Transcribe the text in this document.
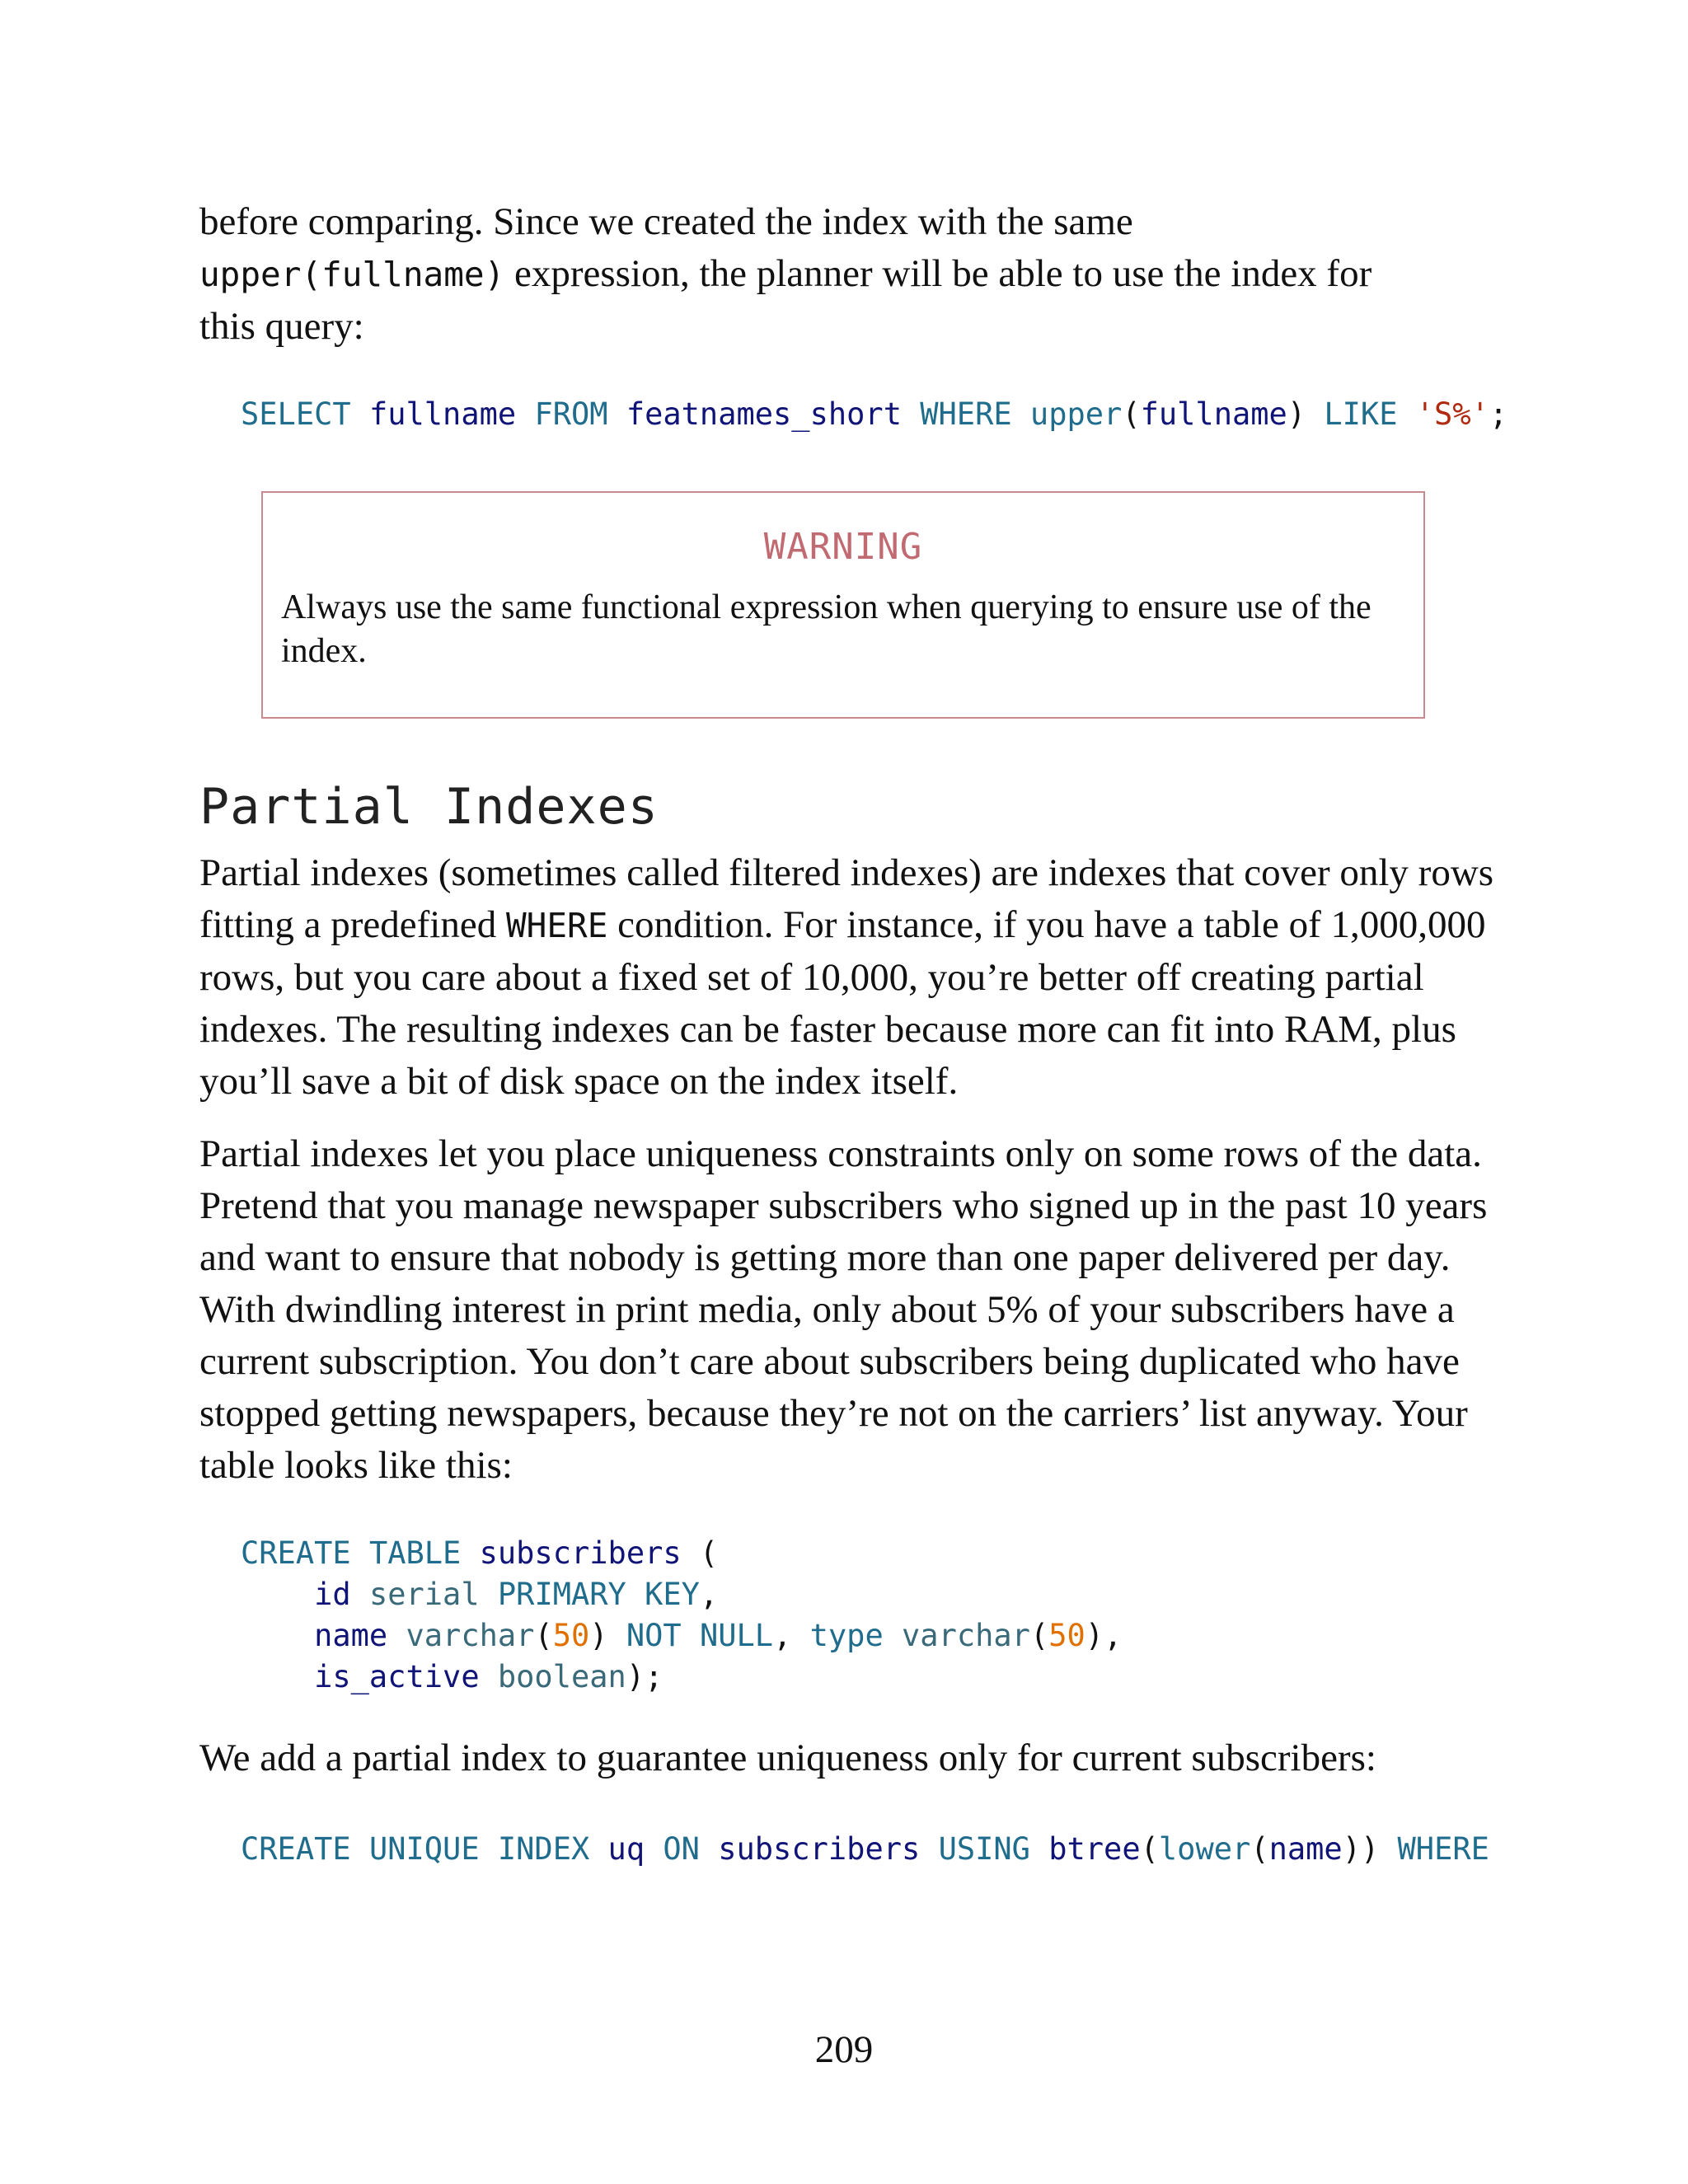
before comparing. Since we created the index with the same
upper(fullname) expression, the planner will be able to use the index for
this query:

SELECT fullname FROM featnames_short WHERE upper(fullname) LIKE 'S%';
WARNING

Always use the same functional expression when querying to ensure use of the index.

Partial Indexes

Partial indexes (sometimes called filtered indexes) are indexes that cover only rows fitting a predefined WHERE condition. For instance, if you have a table of 1,000,000 rows, but you care about a fixed set of 10,000, you’re better off creating partial indexes. The resulting indexes can be faster because more can fit into RAM, plus you’ll save a bit of disk space on the index itself.

Partial indexes let you place uniqueness constraints only on some rows of the data. Pretend that you manage newspaper subscribers who signed up in the past 10 years and want to ensure that nobody is getting more than one paper delivered per day. With dwindling interest in print media, only about 5% of your subscribers have a current subscription. You don’t care about subscribers being duplicated who have stopped getting newspapers, because they’re not on the carriers’ list anyway. Your table looks like this:

CREATE TABLE subscribers (
id serial PRIMARY KEY,
name varchar(50) NOT NULL, type varchar(50),
is_active boolean);

We add a partial index to guarantee uniqueness only for current subscribers:

CREATE UNIQUE INDEX uq ON subscribers USING btree(lower(name)) WHERE
209
